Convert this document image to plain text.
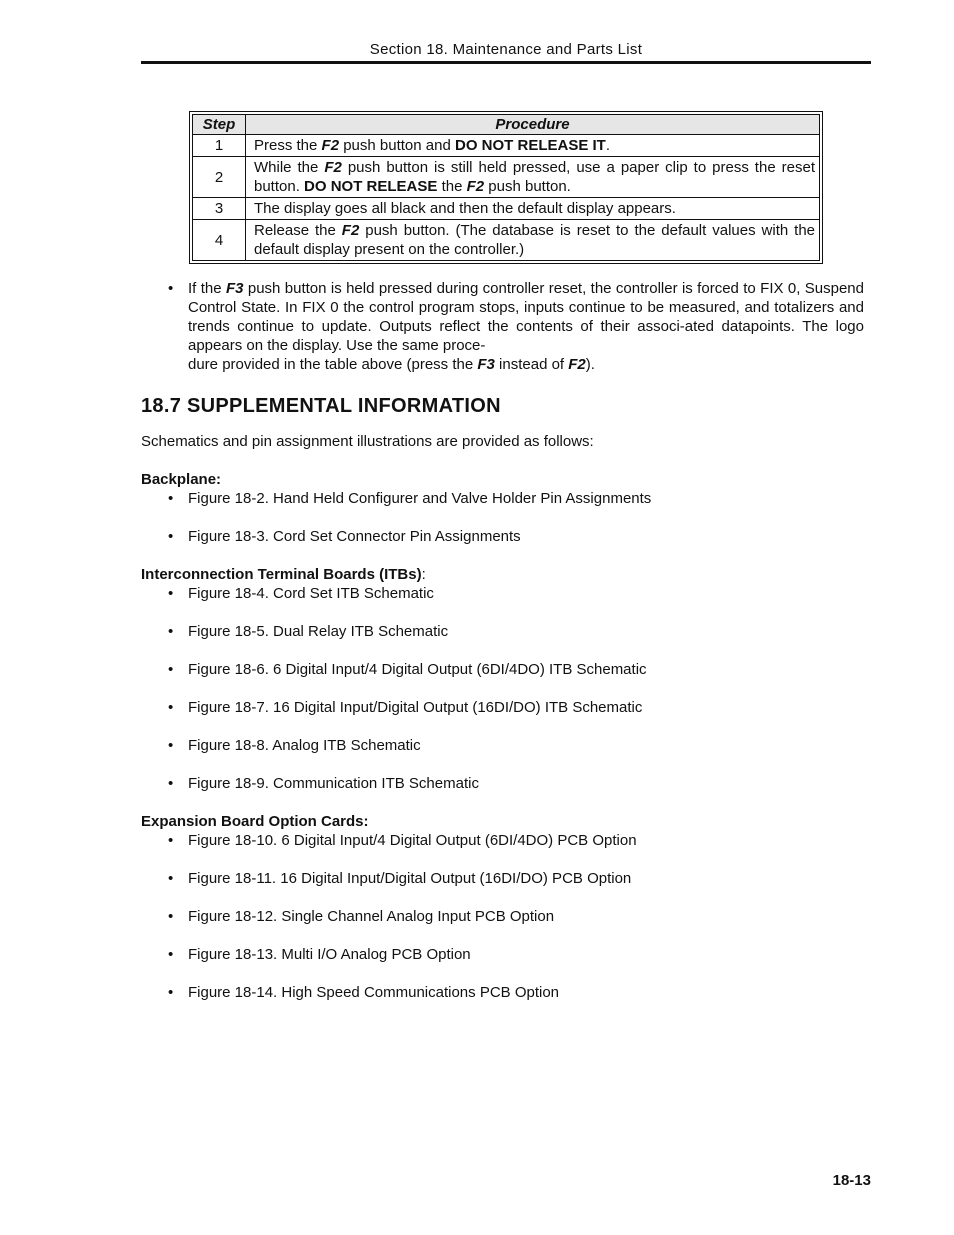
Section 18. Maintenance and Parts List
Step	Procedure
1	Press the F2 push button and DO NOT RELEASE IT.
2	While the F2 push button is still held pressed, use a paper clip to press the reset button. DO NOT RELEASE the F2 push button.
3	The display goes all black and then the default display appears.
4	Release the F2 push button. (The database is reset to the default values with the default display present on the controller.)
• If the F3 push button is held pressed during controller reset, the controller is forced to FIX 0, Suspend Control State. In FIX 0 the control program stops, inputs continue to be measured, and totalizers and trends continue to update. Outputs reflect the contents of their associ-ated datapoints. The logo appears on the display. Use the same proce-
dure provided in the table above (press the F3 instead of F2).
18.7 SUPPLEMENTAL INFORMATION
Schematics and pin assignment illustrations are provided as follows:
Backplane:
• Figure 18-2. Hand Held Configurer and Valve Holder Pin Assignments
• Figure 18-3. Cord Set Connector Pin Assignments
Interconnection Terminal Boards (ITBs):
• Figure 18-4. Cord Set ITB Schematic
• Figure 18-5. Dual Relay ITB Schematic
• Figure 18-6. 6 Digital Input/4 Digital Output (6DI/4DO) ITB Schematic
• Figure 18-7. 16 Digital Input/Digital Output (16DI/DO) ITB Schematic
• Figure 18-8. Analog ITB Schematic
• Figure 18-9. Communication ITB Schematic
Expansion Board Option Cards:
• Figure 18-10. 6 Digital Input/4 Digital Output (6DI/4DO) PCB Option
• Figure 18-11. 16 Digital Input/Digital Output (16DI/DO) PCB Option
• Figure 18-12. Single Channel Analog Input PCB Option
• Figure 18-13. Multi I/O Analog PCB Option
• Figure 18-14. High Speed Communications PCB Option
18-13
